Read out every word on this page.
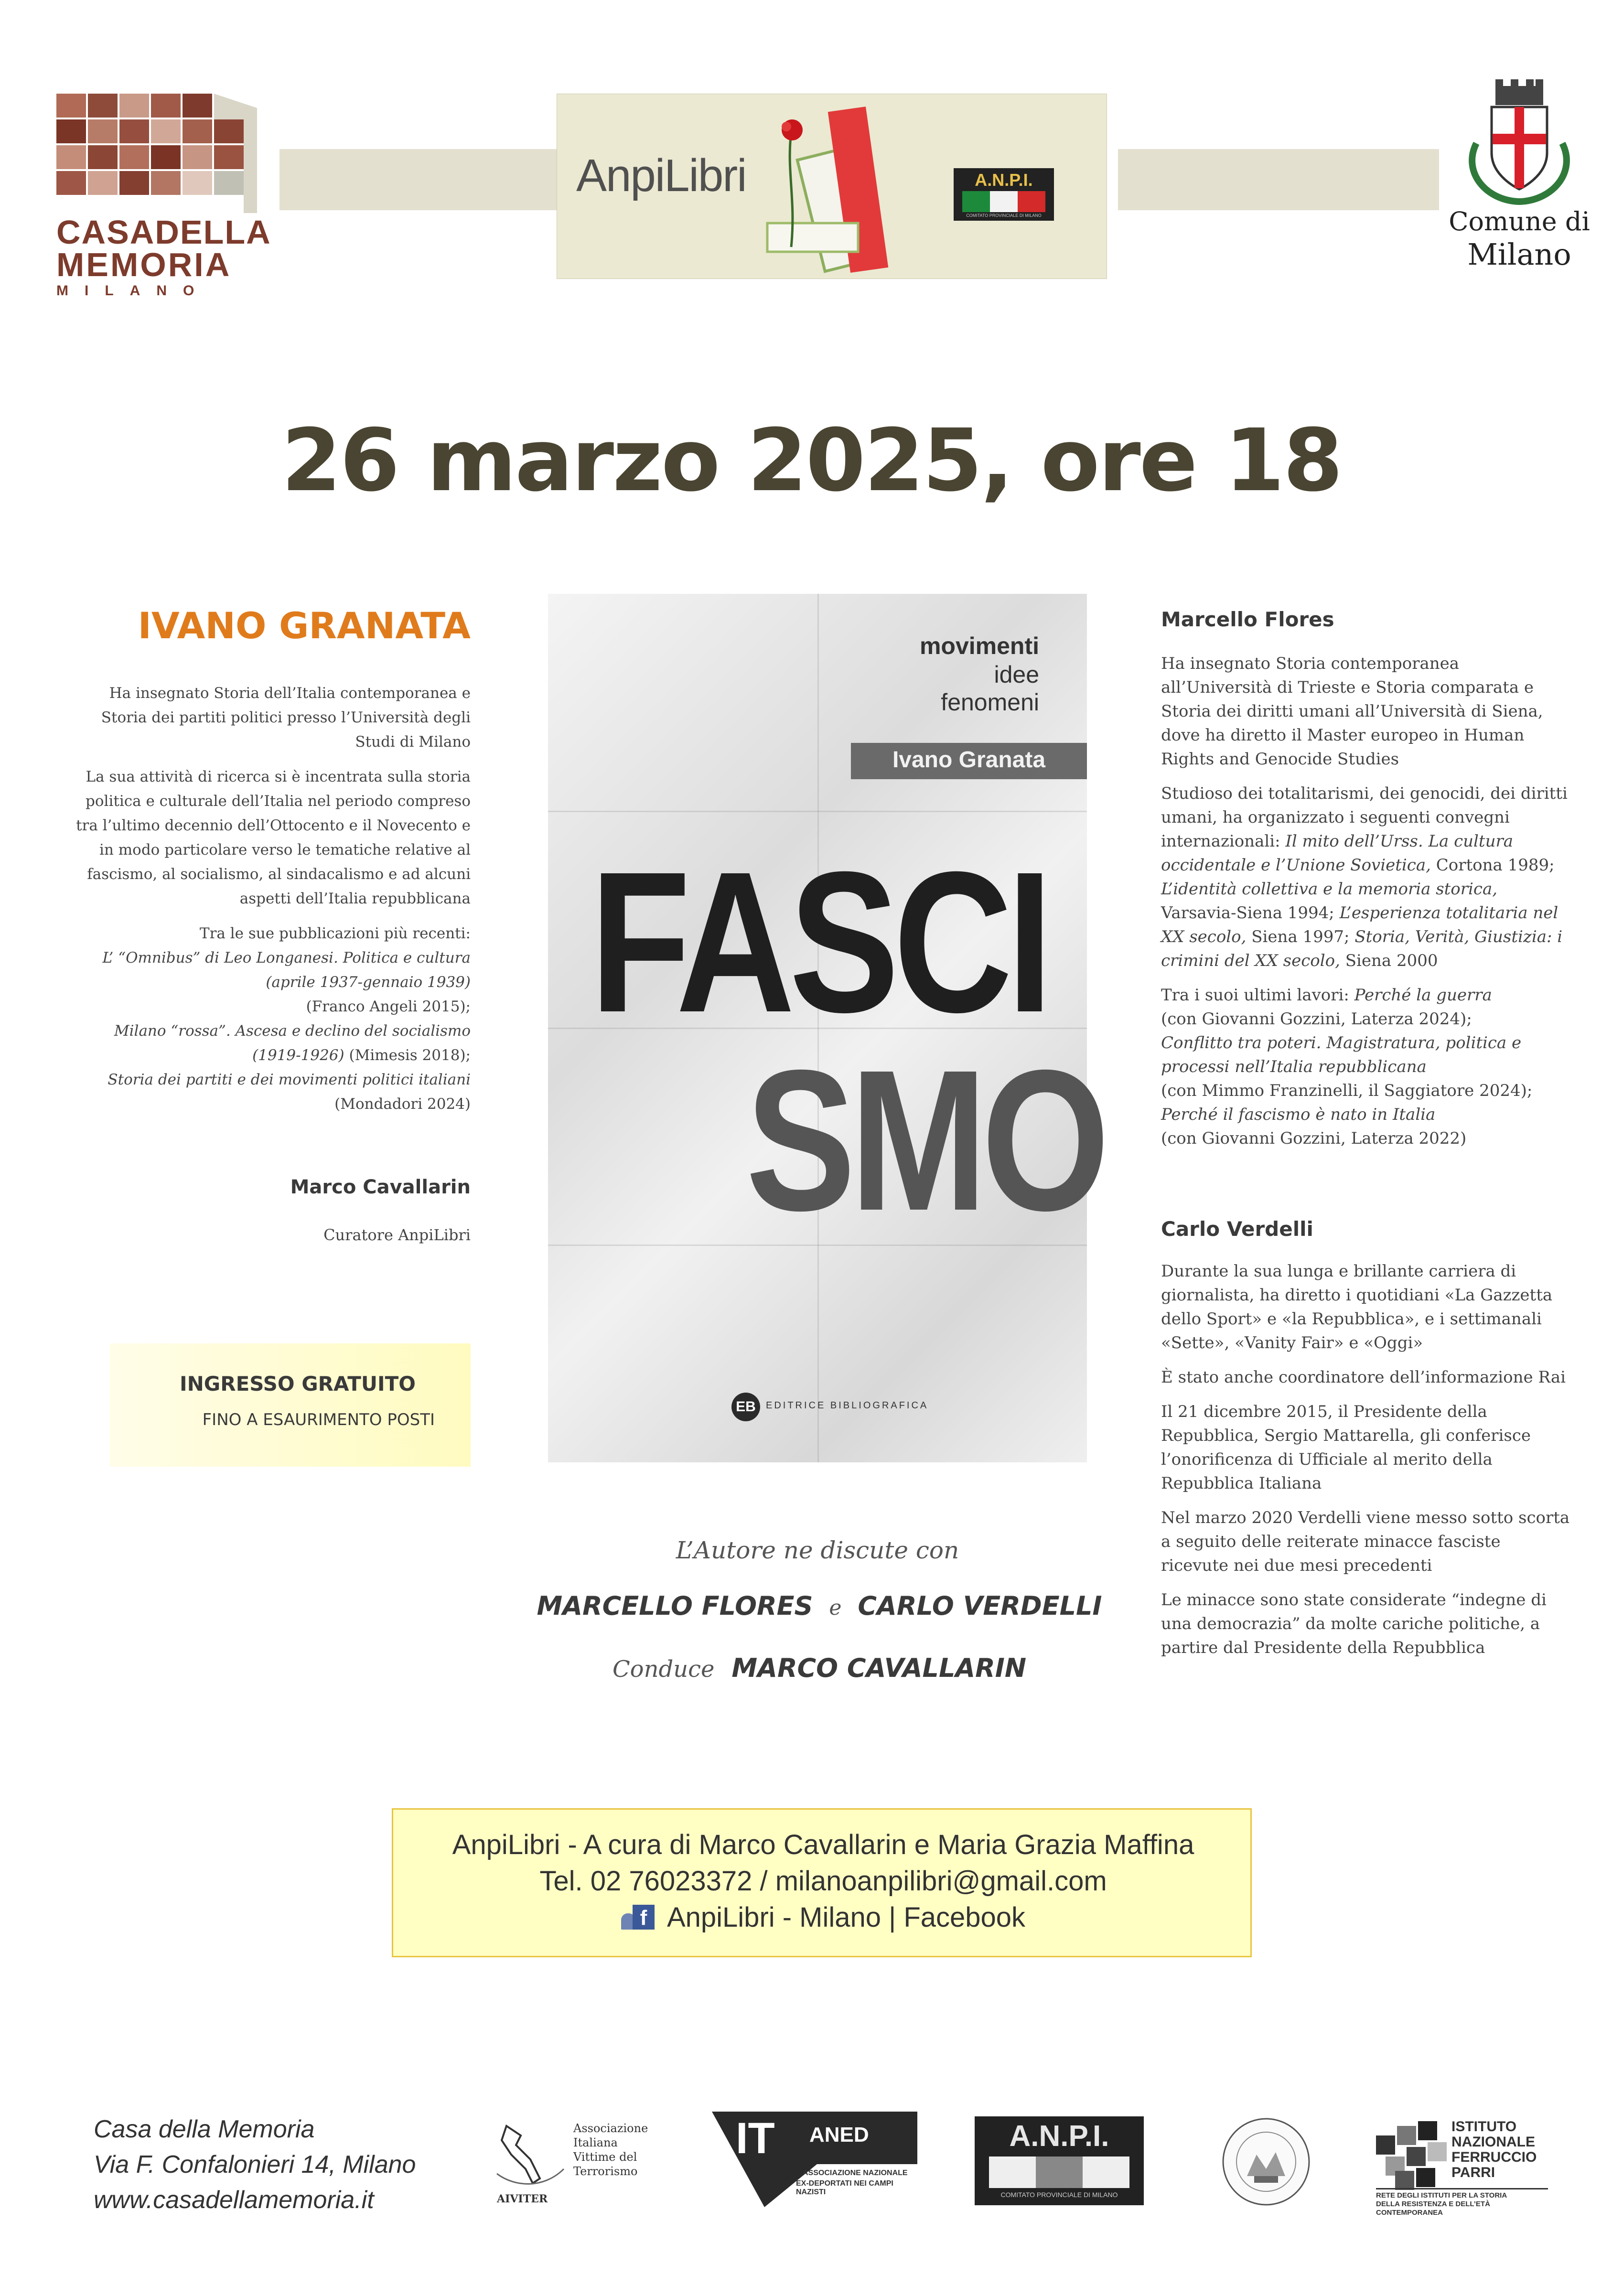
CASADELLA
MEMORIA
MILANO
AnpiLibri	A.N.P.I.
COMITATO PROVINCIALE DI MILANO	Comune di
Milano
26 marzo 2025, ore 18
IVANO GRANATA

Ha insegnato Storia dell’Italia contemporanea e Storia dei partiti politici presso l’Università degli Studi di Milano

La sua attività di ricerca si è incentrata sulla storia politica e culturale dell’Italia nel periodo compreso tra l’ultimo decennio dell’Ottocento e il Novecento e in modo particolare verso le tematiche relative al fascismo, al socialismo, al sindacalismo e ad alcuni aspetti dell’Italia repubblicana

Tra le sue pubblicazioni più recenti:
L’ “Omnibus” di Leo Longanesi. Politica e cultura (aprile 1937-gennaio 1939)
(Franco Angeli 2015);
Milano “rossa”. Ascesa e declino del socialismo (1919-1926) (Mimesis 2018);
Storia dei partiti e dei movimenti politici italiani
(Mondadori 2024)

Marco Cavallarin
Curatore AnpiLibri
INGRESSO GRATUITO
FINO A ESAURIMENTO POSTI
movimenti
idee
fenomeni
Ivano Granata
FASCI
SMO
EB	EDITRICE BIBLIOGRAFICA
L’Autore ne discute con
MARCELLO FLORES e CARLO VERDELLI
Conduce MARCO CAVALLARIN
Marcello Flores

Ha insegnato Storia contemporanea all’Università di Trieste e Storia comparata e Storia dei diritti umani all’Università di Siena, dove ha diretto il Master europeo in Human Rights and Genocide Studies

Studioso dei totalitarismi, dei genocidi, dei diritti umani, ha organizzato i seguenti convegni internazionali: Il mito dell’Urss. La cultura occidentale e l’Unione Sovietica, Cortona 1989; L’identità collettiva e la memoria storica, Varsavia-Siena 1994; L’esperienza totalitaria nel XX secolo, Siena 1997; Storia, Verità, Giustizia: i crimini del XX secolo, Siena 2000

Tra i suoi ultimi lavori: Perché la guerra
(con Giovanni Gozzini, Laterza 2024);
Conflitto tra poteri. Magistratura, politica e processi nell’Italia repubblicana
(con Mimmo Franzinelli, il Saggiatore 2024);
Perché il fascismo è nato in Italia
(con Giovanni Gozzini, Laterza 2022)

Carlo Verdelli

Durante la sua lunga e brillante carriera di giornalista, ha diretto i quotidiani «La Gazzetta dello Sport» e «la Repubblica», e i settimanali «Sette», «Vanity Fair» e «Oggi»

È stato anche coordinatore dell’informazione Rai

Il 21 dicembre 2015, il Presidente della Repubblica, Sergio Mattarella, gli conferisce l’onorificenza di Ufficiale al merito della Repubblica Italiana

Nel marzo 2020 Verdelli viene messo sotto scorta a seguito delle reiterate minacce fasciste ricevute nei due mesi precedenti

Le minacce sono state considerate “indegne di una democrazia” da molte cariche politiche, a partire dal Presidente della Repubblica

AnpiLibri - A cura di Marco Cavallarin e Maria Grazia Maffina
Tel. 02 76023372 / milanoanpilibri@gmail.com
f AnpiLibri - Milano | Facebook
Casa della Memoria
Via F. Confalonieri 14, Milano
www.casadellamemoria.it	AIVITER
Associazione
Italiana
Vittime del
Terrorismo
IT ANED
ASSOCIAZIONE NAZIONALE
EX-DEPORTATI NEI CAMPI NAZISTI
A.N.P.I.
COMITATO PROVINCIALE DI MILANO
ISTITUTO
NAZIONALE
FERRUCCIO
PARRI
RETE DEGLI ISTITUTI PER LA STORIA
DELLA RESISTENZA E DELL’ETÀ
CONTEMPORANEA
